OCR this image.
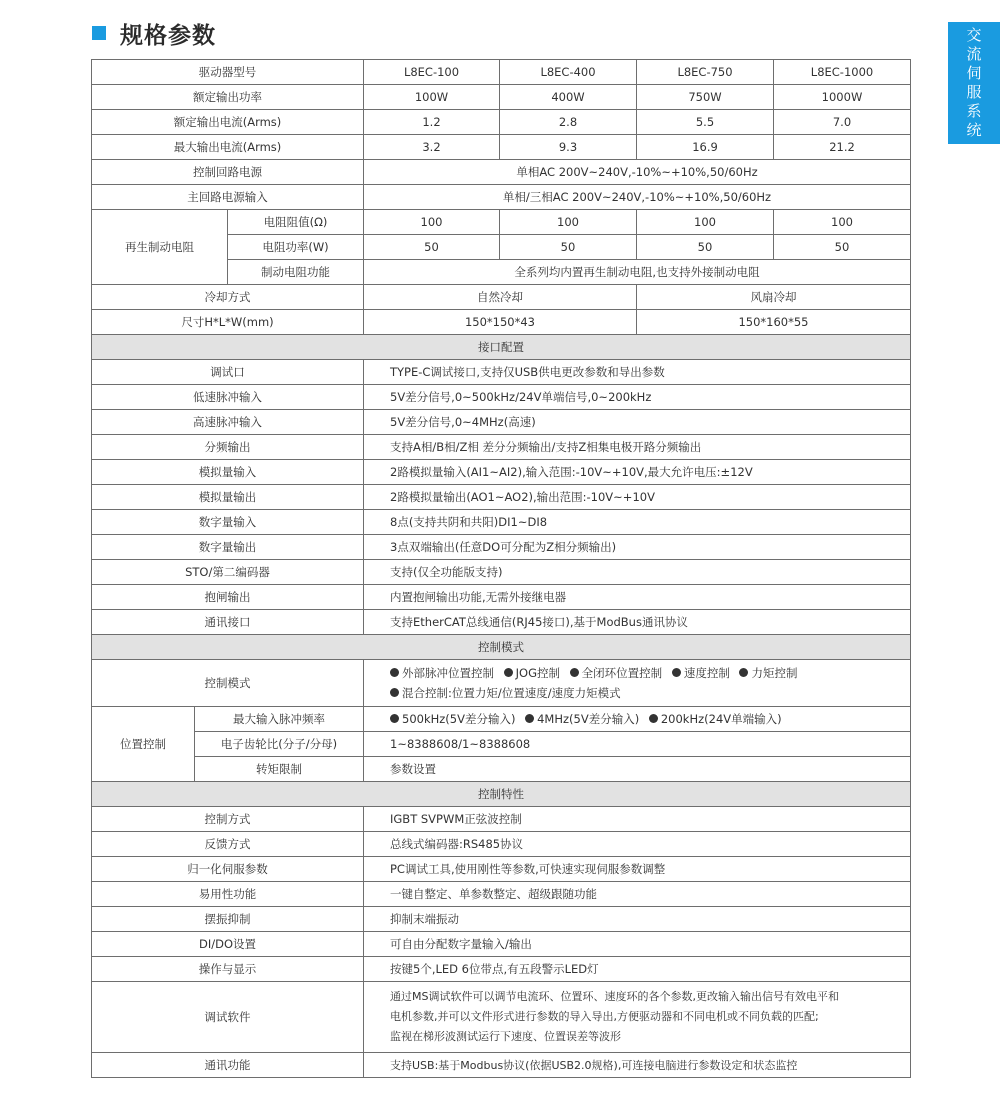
规格参数	交
流
伺
服
系
统
驱动器型号			L8EC-100	L8EC-400	L8EC-750	L8EC-1000
额定输出功率			100W	400W	750W	1000W
额定输出电流(Arms)			1.2	2.8	5.5	7.0
最大输出电流(Arms)			3.2	9.3	16.9	21.2
控制回路电源			单相AC 200V~240V,-10%~+10%,50/60Hz			
主回路电源输入			单相/三相AC 200V~240V,-10%~+10%,50/60Hz			
再生制动电阻		电阻阻值(Ω)	100	100	100	100
		电阻功率(W)	50	50	50	50
		制动电阻功能	全系列均内置再生制动电阻,也支持外接制动电阻			
冷却方式			自然冷却		风扇冷却	
尺寸H*L*W(mm)			150*150*43		150*160*55	
接口配置						
调试口			TYPE-C调试接口,支持仅USB供电更改参数和导出参数			
低速脉冲输入			5V差分信号,0~500kHz/24V单端信号,0~200kHz			
高速脉冲输入			5V差分信号,0~4MHz(高速)			
分频输出			支持A相/B相/Z相 差分分频输出/支持Z相集电极开路分频输出			
模拟量输入			2路模拟量输入(AI1~AI2),输入范围:-10V~+10V,最大允许电压:±12V			
模拟量输出			2路模拟量输出(AO1~AO2),输出范围:-10V~+10V			
数字量输入			8点(支持共阴和共阳)DI1~DI8			
数字量输出			3点双端输出(任意DO可分配为Z相分频输出)			
STO/第二编码器			支持(仅全功能版支持)			
抱闸输出			内置抱闸输出功能,无需外接继电器			
通讯接口			支持EtherCAT总线通信(RJ45接口),基于ModBus通讯协议			
控制模式						
控制模式			外部脉冲位置控制 JOG控制 全闭环位置控制 速度控制 力矩控制
混合控制:位置力矩/位置速度/速度力矩模式			

位置控制	最大输入脉冲频率		500kHz(5V差分输入) 4MHz(5V差分输入) 200kHz(24V单端输入)			
	电子齿轮比(分子/分母)		1~8388608/1~8388608			
	转矩限制		参数设置			
控制特性						
控制方式			IGBT SVPWM正弦波控制			
反馈方式			总线式编码器:RS485协议			
归一化伺服参数			PC调试工具,使用刚性等参数,可快速实现伺服参数调整			
易用性功能			一键自整定、单参数整定、超级跟随功能			
摆振抑制			抑制末端振动			
DI/DO设置			可自由分配数字量输入/输出			
操作与显示			按键5个,LED 6位带点,有五段警示LED灯			
调试软件			通过MS调试软件可以调节电流环、位置环、速度环的各个参数,更改输入输出信号有效电平和
电机参数,并可以文件形式进行参数的导入导出,方便驱动器和不同电机或不同负载的匹配;
监视在梯形波测试运行下速度、位置误差等波形			

通讯功能			支持USB:基于Modbus协议(依据USB2.0规格),可连接电脑进行参数设定和状态监控			
